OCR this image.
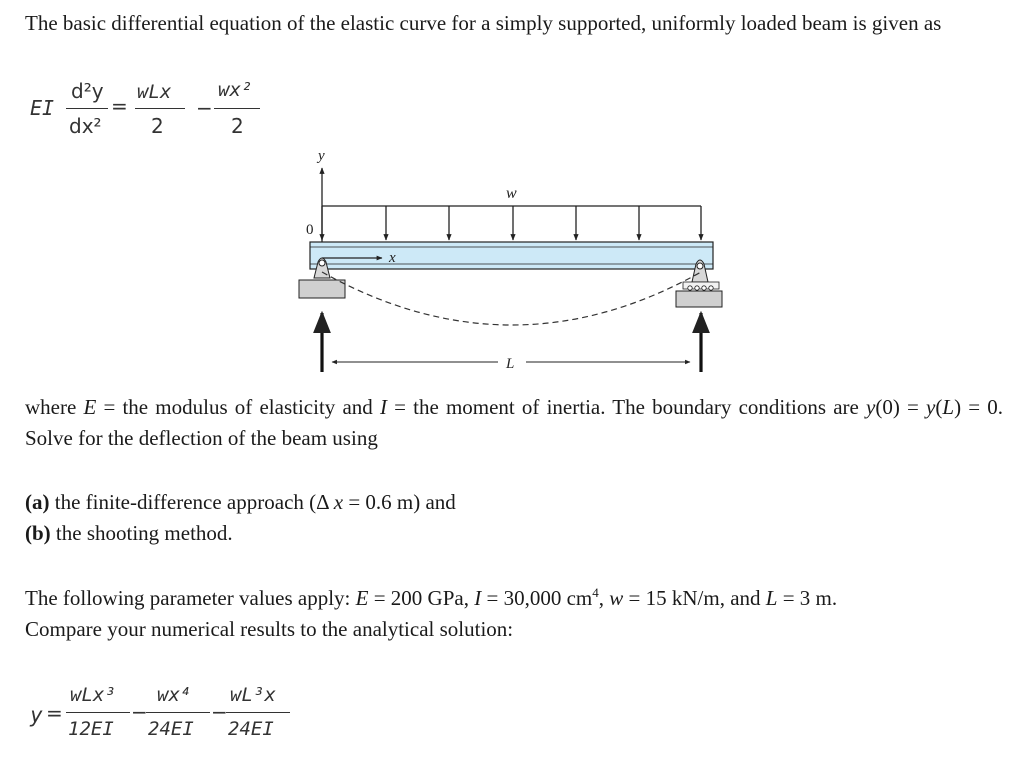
The basic differential equation of the elastic curve for a simply supported, uniformly loaded beam is given as

EI
d²y
dx²
=
wLx
2
−
wx²
2
y
0
w
x
L

where E = the modulus of elasticity and I = the moment of inertia. The boundary conditions are y(0) = y(L) = 0. Solve for the deflection of the beam using

(a) the finite-difference approach (Δ x = 0.6 m) and

(b) the shooting method.

The following parameter values apply: E = 200 GPa, I = 30,000 $cm^4$, w = 15 kN/m, and L = 3 m.

Compare your numerical results to the analytical solution:

y =
wLx³
12EI
−
wx⁴
24EI
−
wL³x
24EI
